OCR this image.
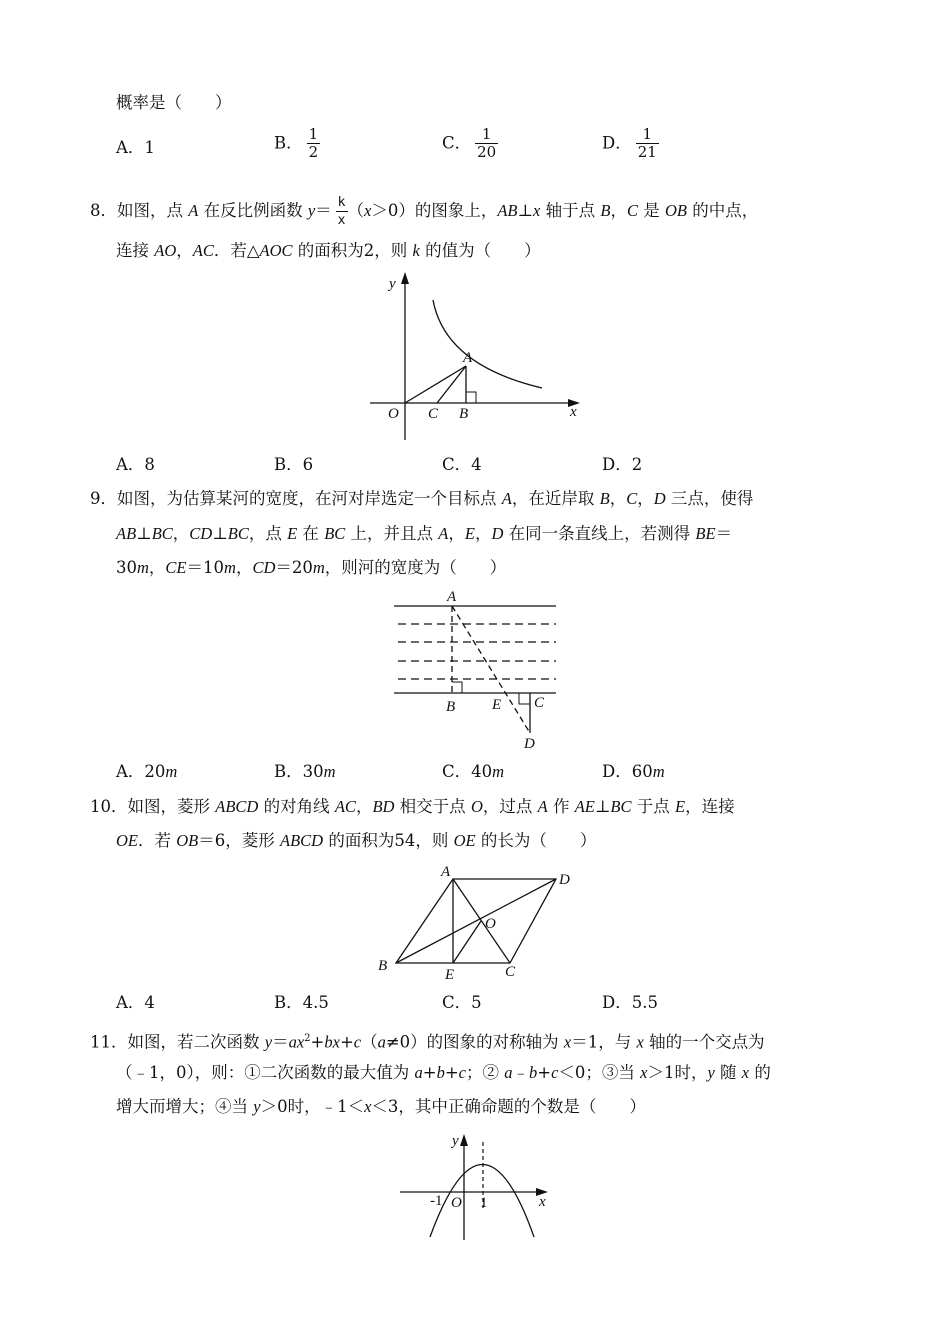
概率是（　　）
A．1	B． $\frac{1}{2}$	C． $\frac{1}{20}$	D． $\frac{1}{21}$
8．如图，点 A 在反比例函数 $y= \frac{k}{x} (x>0)$的图象上，AB⊥x 轴于点 B，C 是 OB 的中点，
连接 AO，AC．若△AOC 的面积为2，则 k 的值为（　　）
y
x
O C B
A
A．8	B．6	C．4	D．2
9．如图，为估算某河的宽度，在河对岸选定一个目标点 A，在近岸取 B，C，D 三点，使得
AB⊥BC，CD⊥BC，点 E 在 BC 上，并且点 A，E，D 在同一条直线上，若测得 BE＝
30m，CE＝10m，CD＝20m，则河的宽度为（　　）
A
B E C
D
A．20m	B．30m	C．40m	D．60m
10．如图，菱形 ABCD 的对角线 AC，BD 相交于点 O，过点 A 作 AE⊥BC 于点 E，连接
OE．若 OB＝6，菱形 ABCD 的面积为54，则 OE 的长为（　　）
A	D
O
B
E	C
A．4	B．4.5	C．5	D．5.5
11．如图，若二次函数 $y=ax^2+bx+c(a\ne 0)$的图象的对称轴为 x＝1，与 x 轴的一个交点为
（﹣1，0），则：①二次函数的最大值为 a+b+c；② a﹣b+c＜0；③当 x＞1时，y 随 x 的
增大而增大；④当 y＞0时，﹣1＜x＜3，其中正确命题的个数是（　　）
y
x
O
-1	1
